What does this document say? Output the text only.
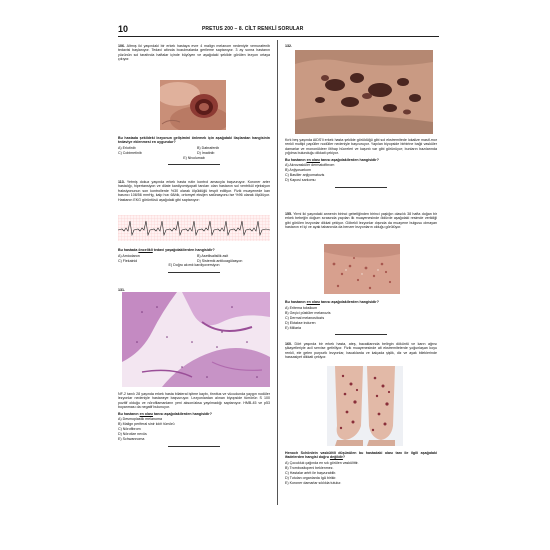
10	PRETUS 200 – 8. CİLT RENKLİ SORULAR

106. Altmış iki yaşındaki bir erkek hastaya evre 4 malign melanom nedeniyle vemurafenib tedavisi başlanıyor. Tedavi altında bozulmalarda gerileme saptanıyor. 3 ay sonra hastanın yüzünün sol tarafında haftalar içinde büyüyen ve aşağıdaki şekilde görülen lezyon ortaya çıkıyor.

Bu hastada şekildeki lezyonun gelişimini önlemek için aşağıdaki ilaçlardan hangisinin tedaviye eklenmesi en uygundur?

A) Erlotinib	B) Dabrafenib
C) Cobimetinib	D) İmatinib
E) Nivolumab

113. Yetmiş dokuz yaşında erkek hasta rutin kontrol amacıyla başvuruyor. Koroner arter hastalığı, hipertansiyon ve dilate kardiyomiyopati tanıları olan hastanın sol ventrikül ejeksiyon fraksiyonunun son kontrollerde %30 olarak ölçüldüğü tespit ediliyor. Fizik muayenede kan basıncı 108/56 mmHg, kalp hızı 68/dk, ortomyel eksijen satürasyonu ise %96 olarak ölçülüyor. Hastanın EKG görüntüsü aşağıdaki gibi saptanıyor:

Bu hastada öncelikli tedavi yaşağıdakilerden hangisidir?

A) Amiodaron	B) Asetilsalisilik asit
C) Flekainid	D) Sistemik antikoagülasyon
E) Doğru akımlı kardiyoversiyon
131.

NF-2 tanılı 28 yaşında erkek hasta bilateral işitme kaybı, tinnitus ve vücudunda yaygın nodüler lezyonlar nedeniyle hastaneye başvuruyor. Lezyonlardan alınan biyopside tümörün S 100 pozitif olduğu ve nörofilamanların yeni akson/aksa yayılmadığı saptanıyor. HMB-45 ve p53 boyanması da negatif bulunuyor.

Bu hastanın en olası tanısı aşağıdakilerden hangisidir?

A) Desmoplastik melanoma
B) Malign periferal sinir kılıfı tümörü
C) Nörofibrom
D) Nörotize nevüs
E) Schwannoma
132.

Kırk beş yaşında AIDS'li erkek hasta şekilde görüldüğü gibi sol ekstremitede lokalize masif-mor renkli multipl papüller nodüller nedeniyle başvuruyor. Yapılan biyopside birbirine bağlı vasküler damarlar ve mononükleer iltihap hücreleri ve kaşıntı var gibi görünüyor; bunların bazılarında yığılma bulunduğu dikkati çekiyor.

Bu hastanın en olası tanısı aşağıdakilerden hangisidir?

A) Akrovasküler dermatofibrom
B) Anjiyosarkom
C) Basiller anjiyomatozis
D) Kaposi sarkomu

155. Yirmi iki yaşındaki annenin birinci gebeliğinden birinci yaşlığın olasılık 38 hafta doğan bir erkek bebeğin doğum sırasında yapılan ilk muayenesinde öldürde aşağıdaki resimde verildiği gibi görülen lezyonlar dikkat çekiyor. Göbekli lezyonlar dışında da muayene bulgusu olmayan hastanın el içi ve ayak tabanında da benzer lezyonların olduğu görülüyor.

Bu hastanın en olası tanısı aşağıdakilerden hangisidir?

A) Eritema toksikum
B) Geçici püstüler melanozis
C) Dermal melanositozis
D) Ektakse induren
E) Miliaria

160. Dört yaşında bir erkek hasta, ateş, bacaklarında belirgin döküntü ve karın ağrısı şikayetleriyle acil servise getiriliyor. Fizik muayenesinde alt ekstremitelerde yoğunlaşan koyu renkli, ele gelen purpurik lezyonlar, bacaklarda ve kalçada şişlik, diz ve ayak bileklerinde hassasiyet dikkati çekiyor.

Henoch Schönlein vaskülitli düşünülen bu hastadaki olası tanı ile ilgili aşağıdaki ifadelerden hangisi doğru değildir?

A) Çocukluk çağında en sık görülen vaskülittir.
B) Trombositopeni beklenmez.
C) Hastalar artrit ile başvurabilir.
D) Tutulan organlarda IgA birikir.
E) Koroner damarlar sıklıkla tutulur.
